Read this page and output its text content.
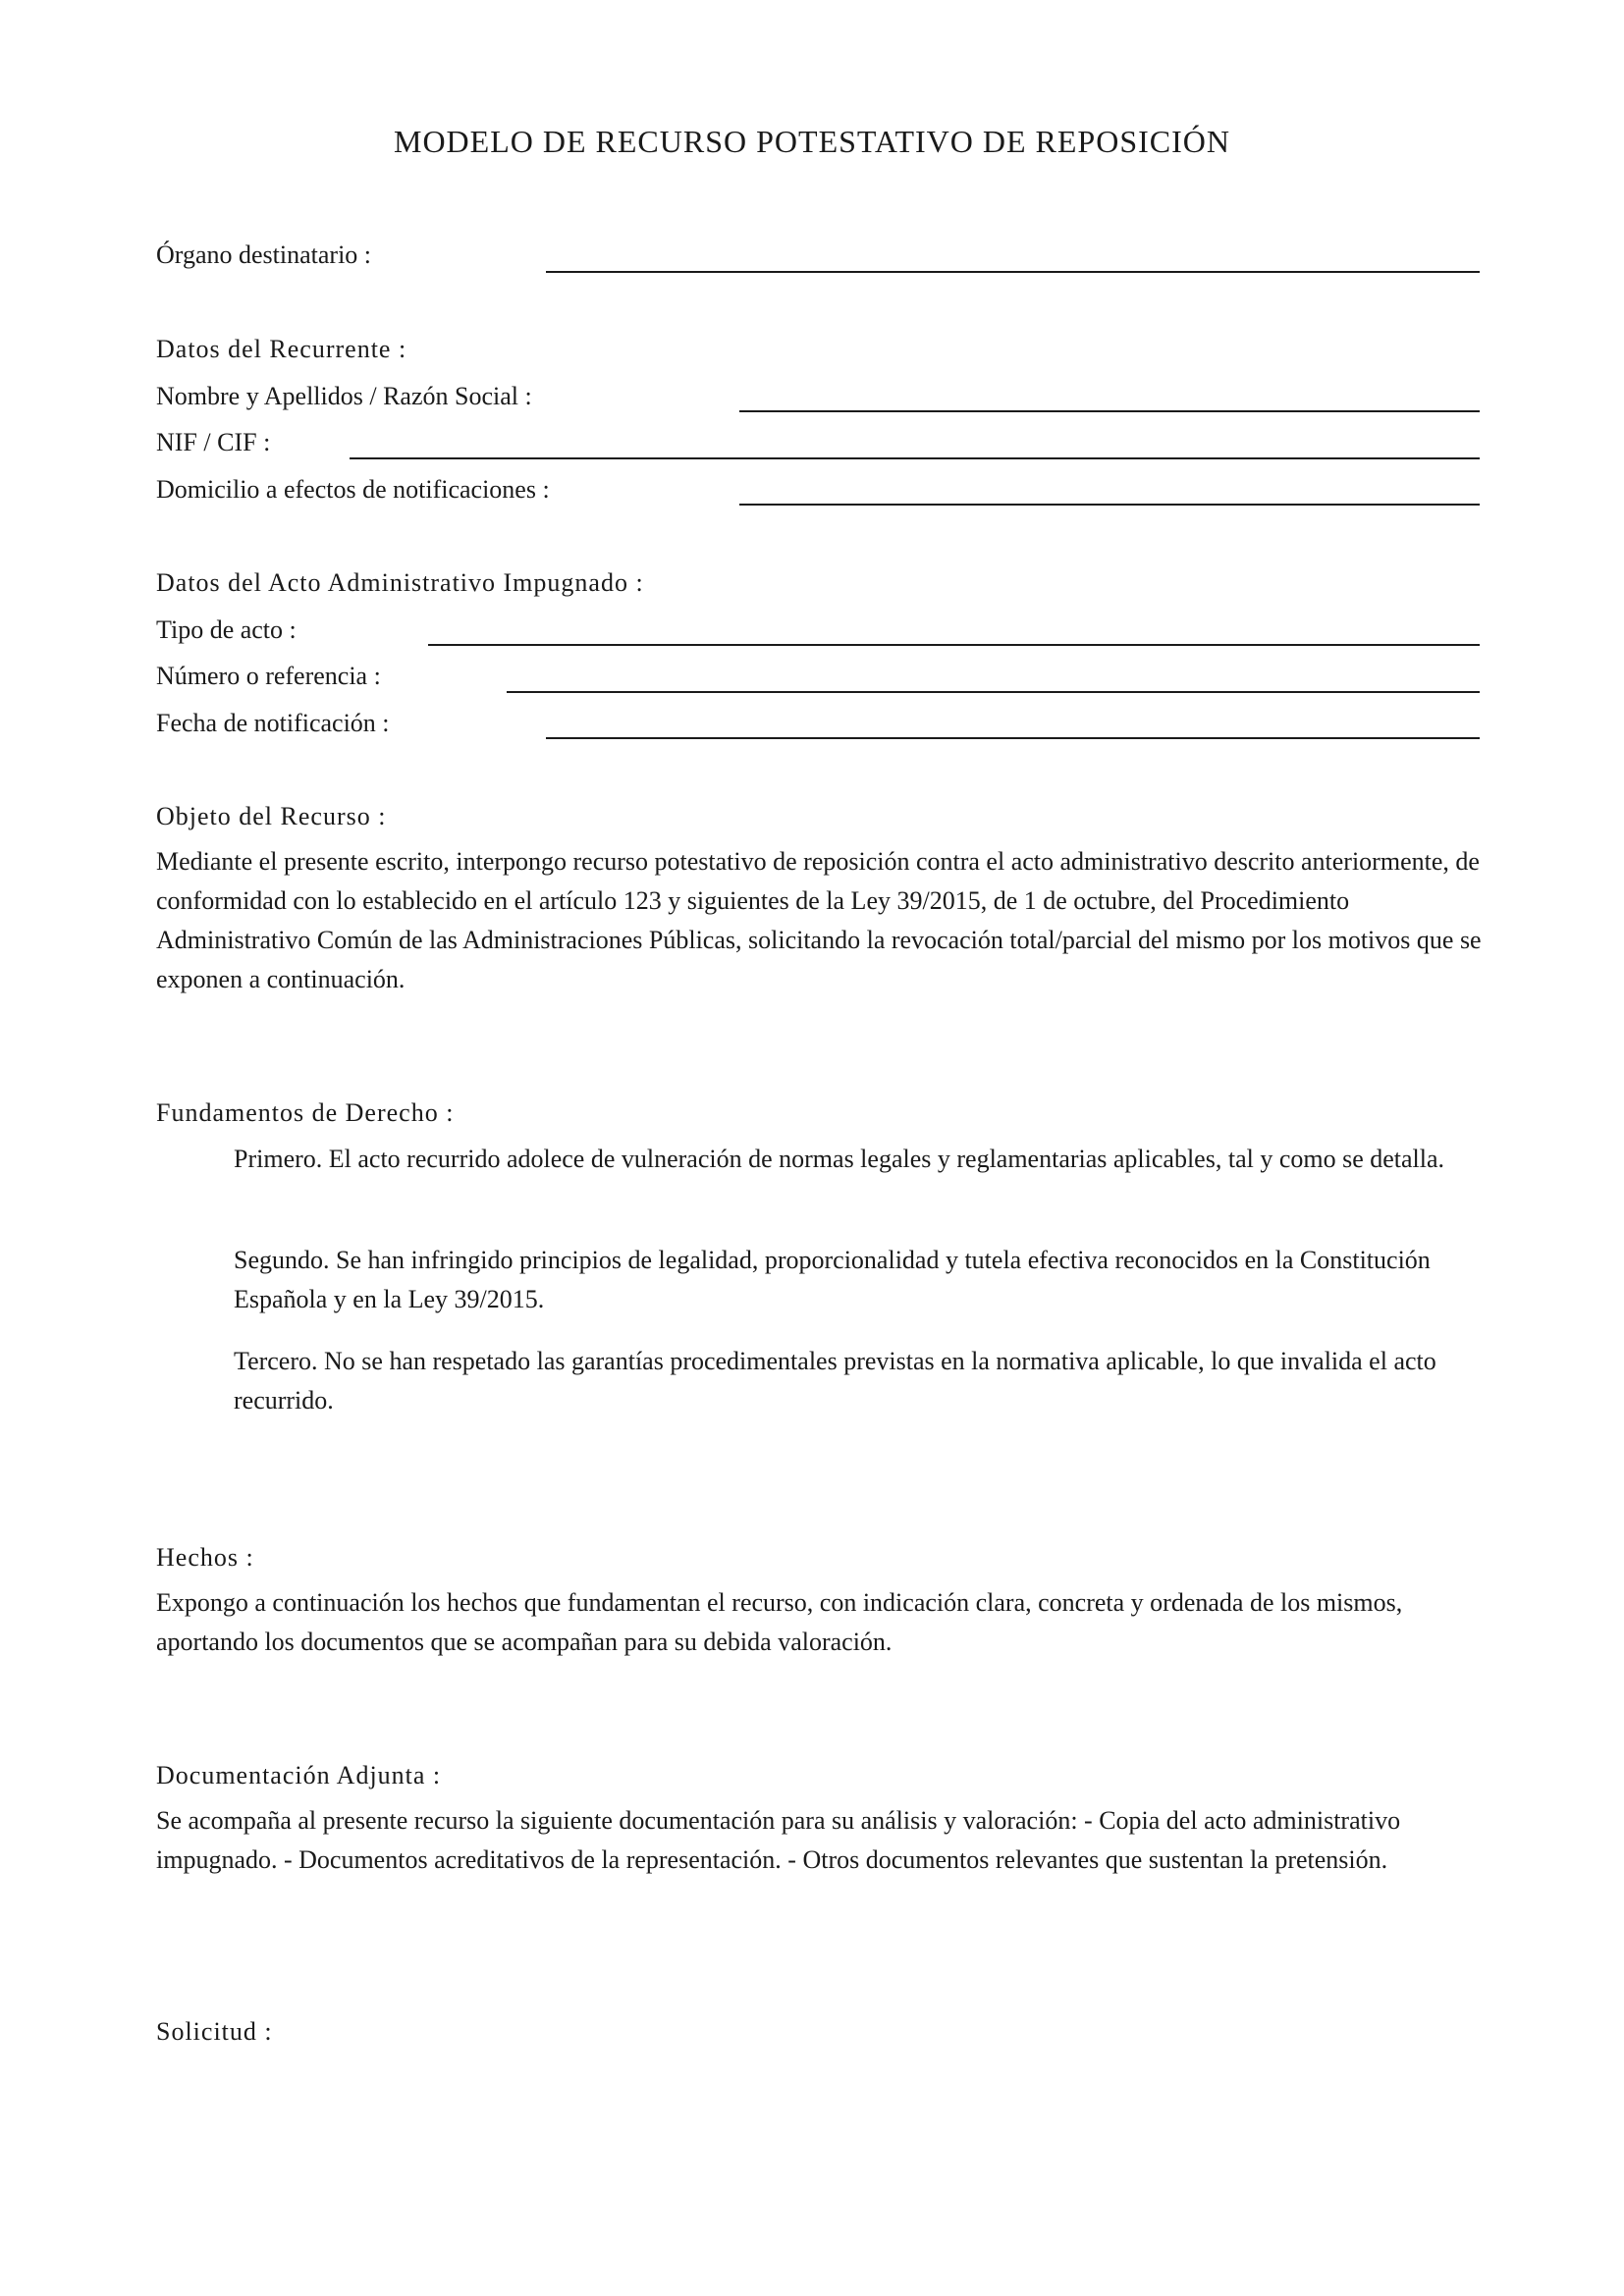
MODELO DE RECURSO POTESTATIVO DE REPOSICIÓN
Órgano destinatario :
Datos del Recurrente :
Nombre y Apellidos / Razón Social :
NIF / CIF :
Domicilio a efectos de notificaciones :
Datos del Acto Administrativo Impugnado :
Tipo de acto :
Número o referencia :
Fecha de notificación :
Objeto del Recurso :

Mediante el presente escrito, interpongo recurso potestativo de reposición contra el acto administrativo descrito anteriormente, de conformidad con lo establecido en el artículo 123 y siguientes de la Ley 39/2015, de 1 de octubre, del Procedimiento Administrativo Común de las Administraciones Públicas, solicitando la revocación total/parcial del mismo por los motivos que se exponen a continuación.

Fundamentos de Derecho :

Primero. El acto recurrido adolece de vulneración de normas legales y reglamentarias aplicables, tal y como se detalla.

Segundo. Se han infringido principios de legalidad, proporcionalidad y tutela efectiva reconocidos en la Constitución Española y en la Ley 39/2015.

Tercero. No se han respetado las garantías procedimentales previstas en la normativa aplicable, lo que invalida el acto recurrido.

Hechos :

Expongo a continuación los hechos que fundamentan el recurso, con indicación clara, concreta y ordenada de los mismos, aportando los documentos que se acompañan para su debida valoración.

Documentación Adjunta :

Se acompaña al presente recurso la siguiente documentación para su análisis y valoración: - Copia del acto administrativo impugnado. - Documentos acreditativos de la representación. - Otros documentos relevantes que sustentan la pretensión.

Solicitud :
